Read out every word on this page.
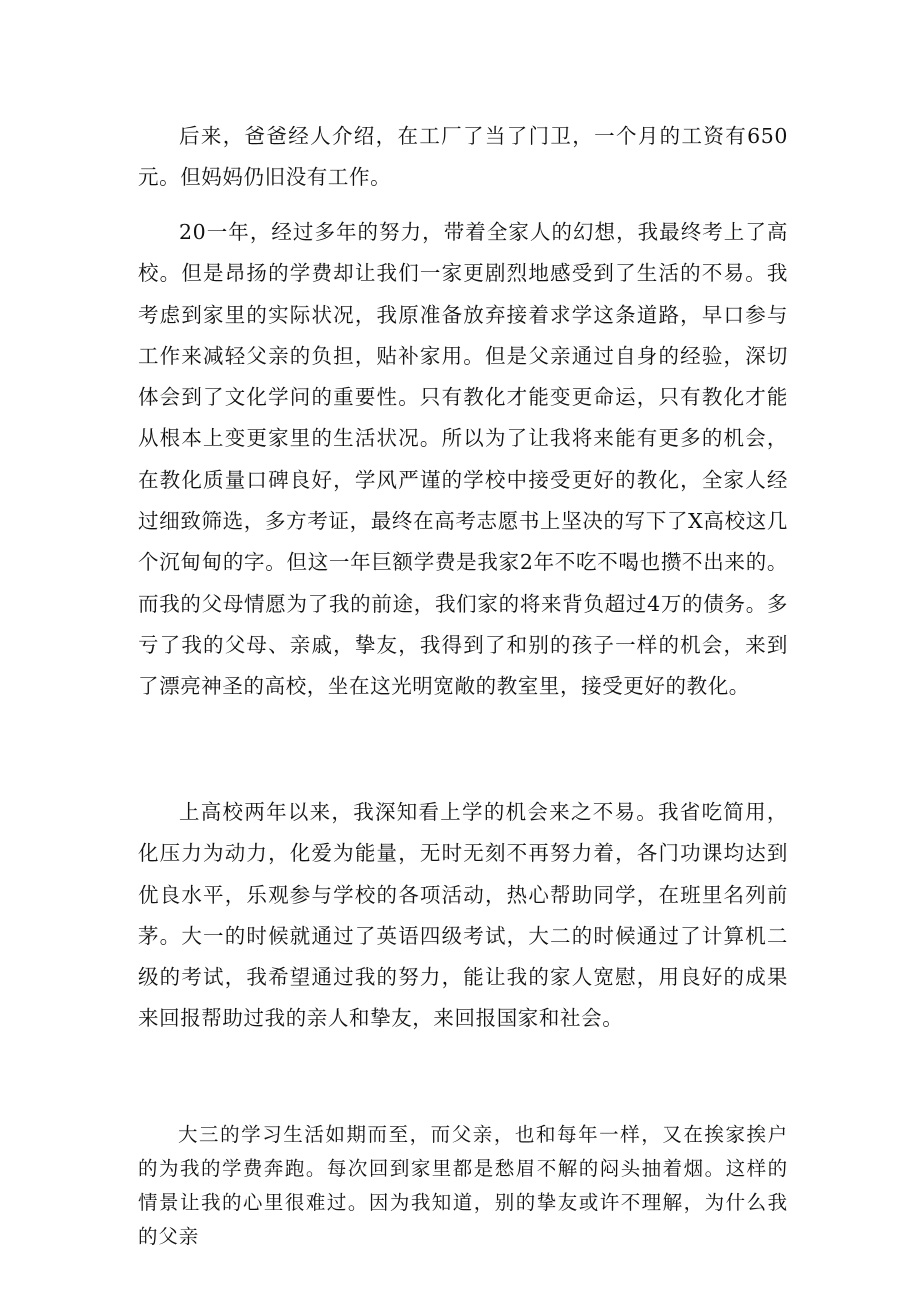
后来，爸爸经人介绍，在工厂了当了门卫，一个月的工资有650元。但妈妈仍旧没有工作。

20一年，经过多年的努力，带着全家人的幻想，我最终考上了高校。但是昂扬的学费却让我们一家更剧烈地感受到了生活的不易。我考虑到家里的实际状况，我原准备放弃接着求学这条道路，早口参与工作来减轻父亲的负担，贴补家用。但是父亲通过自身的经验，深切体会到了文化学问的重要性。只有教化才能变更命运，只有教化才能从根本上变更家里的生活状况。所以为了让我将来能有更多的机会，在教化质量口碑良好，学风严谨的学校中接受更好的教化，全家人经过细致筛选，多方考证，最终在高考志愿书上坚决的写下了X高校这几个沉甸甸的字。但这一年巨额学费是我家2年不吃不喝也攒不出来的。而我的父母情愿为了我的前途，我们家的将来背负超过4万的债务。多亏了我的父母、亲戚，挚友，我得到了和别的孩子一样的机会，来到了漂亮神圣的高校，坐在这光明宽敞的教室里，接受更好的教化。

上高校两年以来，我深知看上学的机会来之不易。我省吃简用，化压力为动力，化爱为能量，无时无刻不再努力着，各门功课均达到优良水平，乐观参与学校的各项活动，热心帮助同学，在班里名列前茅。大一的时候就通过了英语四级考试，大二的时候通过了计算机二级的考试，我希望通过我的努力，能让我的家人宽慰，用良好的成果来回报帮助过我的亲人和挚友，来回报国家和社会。

大三的学习生活如期而至，而父亲，也和每年一样，又在挨家挨户的为我的学费奔跑。每次回到家里都是愁眉不解的闷头抽着烟。这样的情景让我的心里很难过。因为我知道，别的挚友或许不理解，为什么我的父亲
